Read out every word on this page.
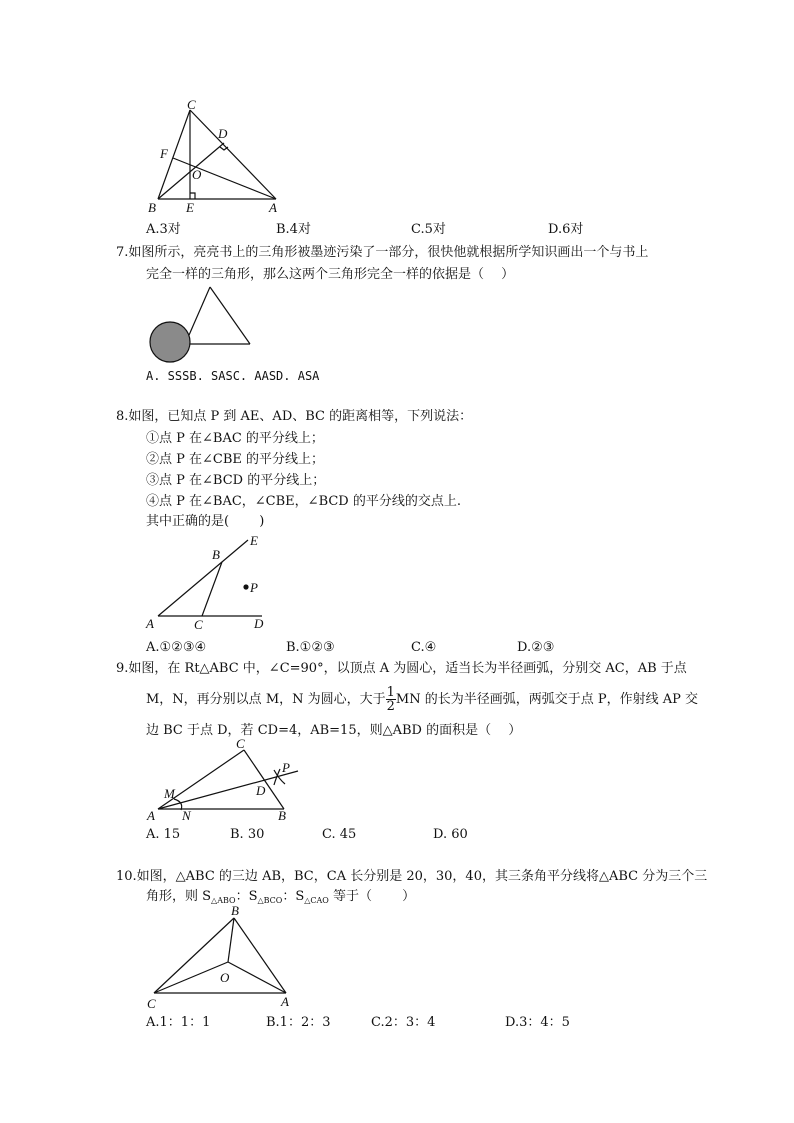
C
D
F
O
B E	A
A.3对	B.4对	C.5对	D.6对
7.如图所示，亮亮书上的三角形被墨迹污染了一部分，很快他就根据所学知识画出一个与书上
完全一样的三角形，那么这两个三角形完全一样的依据是（　 ）
A. SSSB. SASC. AASD. ASA
8.如图，已知点 P 到 AE、AD、BC 的距离相等，下列说法：
①点 P 在∠BAC 的平分线上；
②点 P 在∠CBE 的平分线上；
③点 P 在∠BCD 的平分线上；
④点 P 在∠BAC，∠CBE，∠BCD 的平分线的交点上.
其中正确的是(　　 )
E
B
P
A	C	D
A.①②③④	B.①②③	C.④	D.②③
9.如图，在 Rt△ABC 中，∠C=90°，以顶点 A 为圆心，适当长为半径画弧，分别交 AC，AB 于点
M，N，再分别以点 M，N 为圆心，大于 $\frac{1}{2}$ MN 的长为半径画弧，两弧交于点 P，作射线 AP 交
边 BC 于点 D，若 CD=4，AB=15，则△ABD 的面积是（　 ）
C
P
M	D
A N	B
A. 15	B. 30	C. 45	D. 60
10.如图，△ABC 的三边 AB，BC，CA 长分别是 20，30，40，其三条角平分线将△ABC 分为三个三
角形，则 $S_{\triangle ABO}$：$S_{\triangle BCO}$：$S_{\triangle CAO}$ 等于（　　 ）
B
O
C	A
A.1：1：1	B.1：2：3	C.2：3：4	D.3：4：5
